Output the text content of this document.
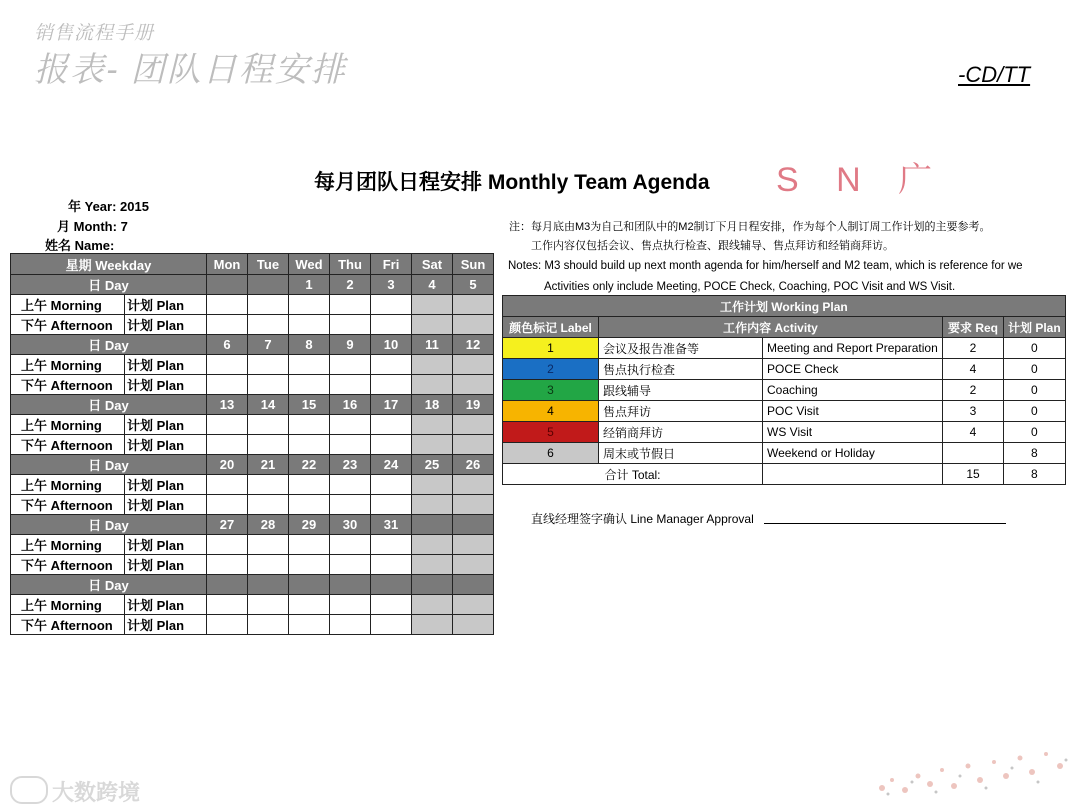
销售流程手册
报表- 团队日程安排	-CD/TT
每月团队日程安排 Monthly Team Agenda S N 广
年 Year: 2015
月 Month: 7
姓名 Name:
星期 Weekday		Mon	Tue	Wed	Thu	Fri	Sat	Sun
日 Day				1	2	3	4	5
上午 Morning	计划 Plan							
下午 Afternoon	计划 Plan							
日 Day		6	7	8	9	10	11	12
上午 Morning	计划 Plan							
下午 Afternoon	计划 Plan							
日 Day		13	14	15	16	17	18	19
上午 Morning	计划 Plan							
下午 Afternoon	计划 Plan							
日 Day		20	21	22	23	24	25	26
上午 Morning	计划 Plan							
下午 Afternoon	计划 Plan							
日 Day		27	28	29	30	31		
上午 Morning	计划 Plan							
下午 Afternoon	计划 Plan							
日 Day								
上午 Morning	计划 Plan							
下午 Afternoon	计划 Plan							
注：每月底由M3为自己和团队中的M2制订下月日程安排，作为每个人制订周工作计划的主要参考。
工作内容仅包括会议、售点执行检查、跟线辅导、售点拜访和经销商拜访。
Notes: M3 should build up next month agenda for him/herself and M2 team, which is reference for we
Activities only include Meeting, POCE Check, Coaching, POC Visit and WS Visit.
工作计划 Working Plan				
颜色标记 Label	工作内容 Activity		要求 Req	计划 Plan
1	会议及报告准备等	Meeting and Report Preparation	2	0
2	售点执行检查	POCE Check	4	0
3	跟线辅导	Coaching	2	0
4	售点拜访	POC Visit	3	0
5	经销商拜访	WS Visit	4	0
6	周末或节假日	Weekend or Holiday		8
合计 Total:			15	8
直线经理签字确认 Line Manager Approval
大数跨境
